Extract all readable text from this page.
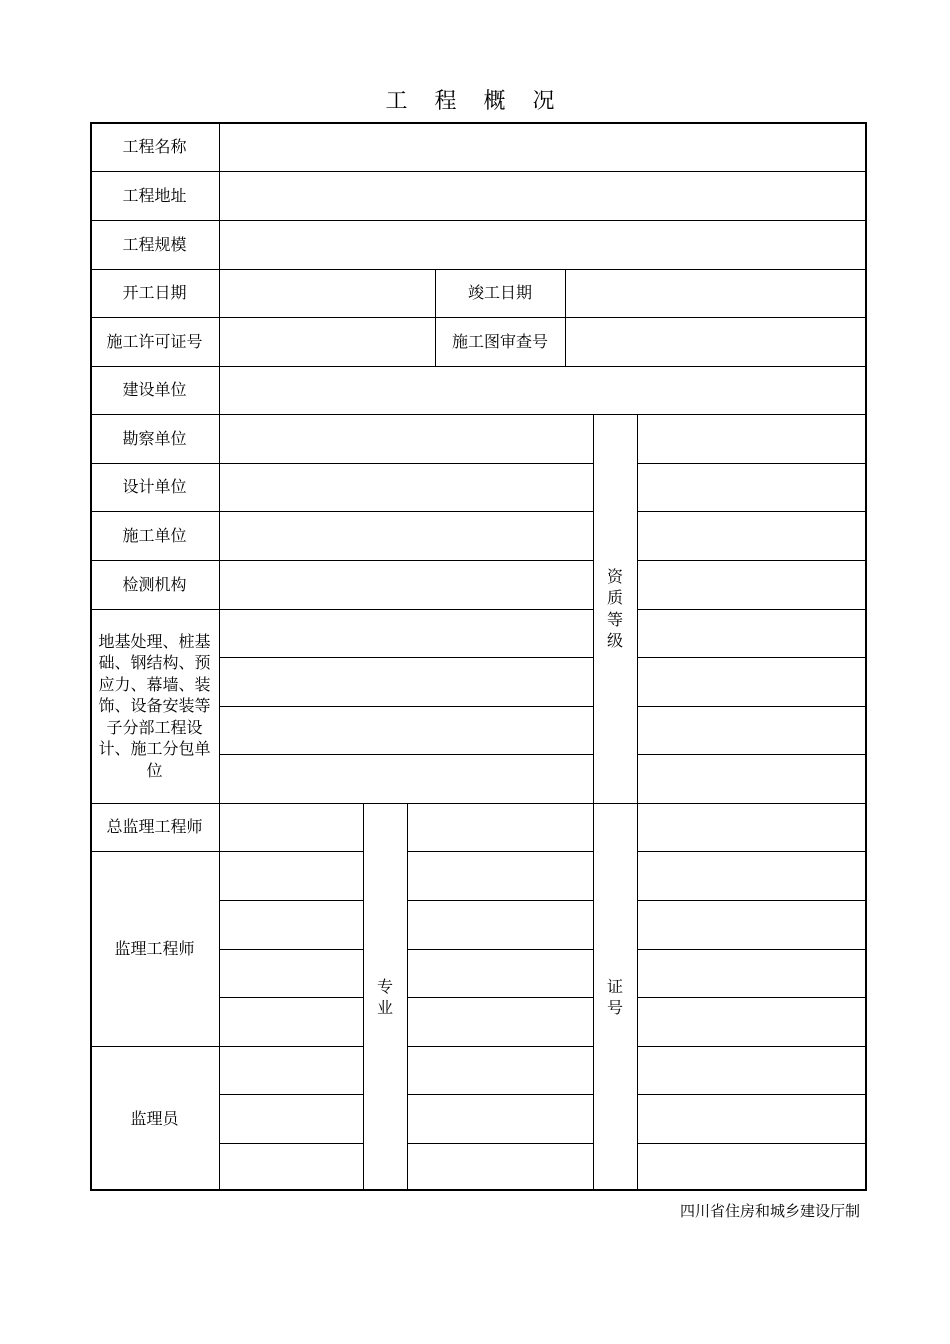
工 程 概 况
工程名称
工程地址
工程规模
开工日期
施工许可证号
建设单位
勘察单位
设计单位
施工单位
检测机构
地基处理、桩基础、钢结构、预应力、幕墙、装饰、设备安装等子分部工程设计、施工分包单位
总监理工程师
监理工程师
监理员
竣工日期
施工图审查号
资
质
等
级
专
业
证
号
四川省住房和城乡建设厅制
